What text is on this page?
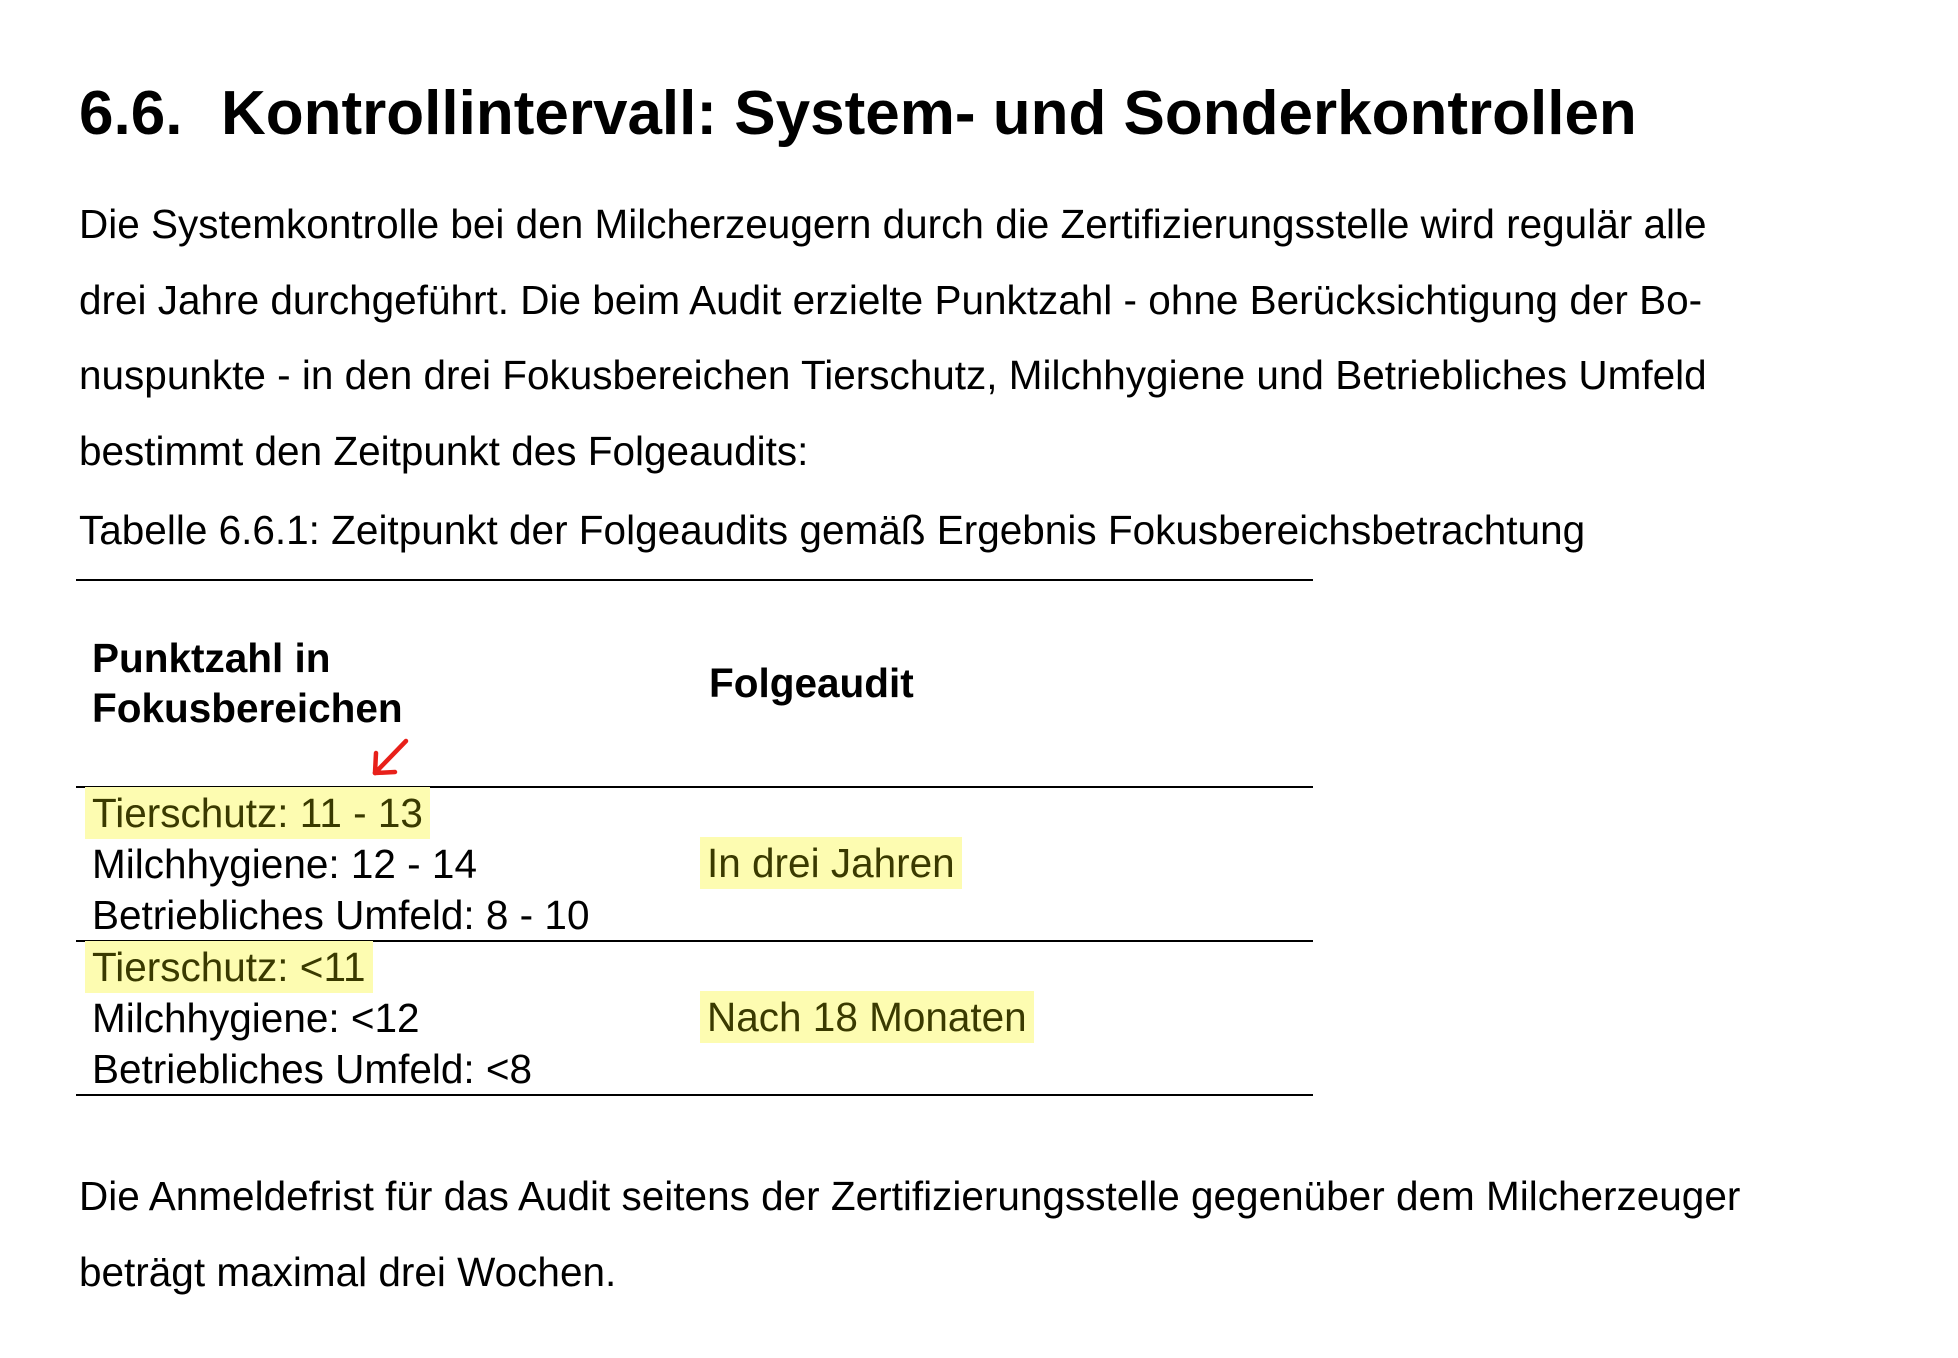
6.6. Kontrollintervall: System- und Sonderkontrollen
Die Systemkontrolle bei den Milcherzeugern durch die Zertifizierungsstelle wird regulär alle
drei Jahre durchgeführt. Die beim Audit erzielte Punktzahl - ohne Berücksichtigung der Bo-
nuspunkte - in den drei Fokusbereichen Tierschutz, Milchhygiene und Betriebliches Umfeld
bestimmt den Zeitpunkt des Folgeaudits:
Tabelle 6.6.1: Zeitpunkt der Folgeaudits gemäß Ergebnis Fokusbereichsbetrachtung
Punktzahl in
Fokusbereichen
Folgeaudit
Tierschutz: 11 - 13
Milchhygiene: 12 - 14
Betriebliches Umfeld: 8 - 10
In drei Jahren
Tierschutz: <11
Milchhygiene: <12
Betriebliches Umfeld: <8
Nach 18 Monaten
Die Anmeldefrist für das Audit seitens der Zertifizierungsstelle gegenüber dem Milcherzeuger
beträgt maximal drei Wochen.
